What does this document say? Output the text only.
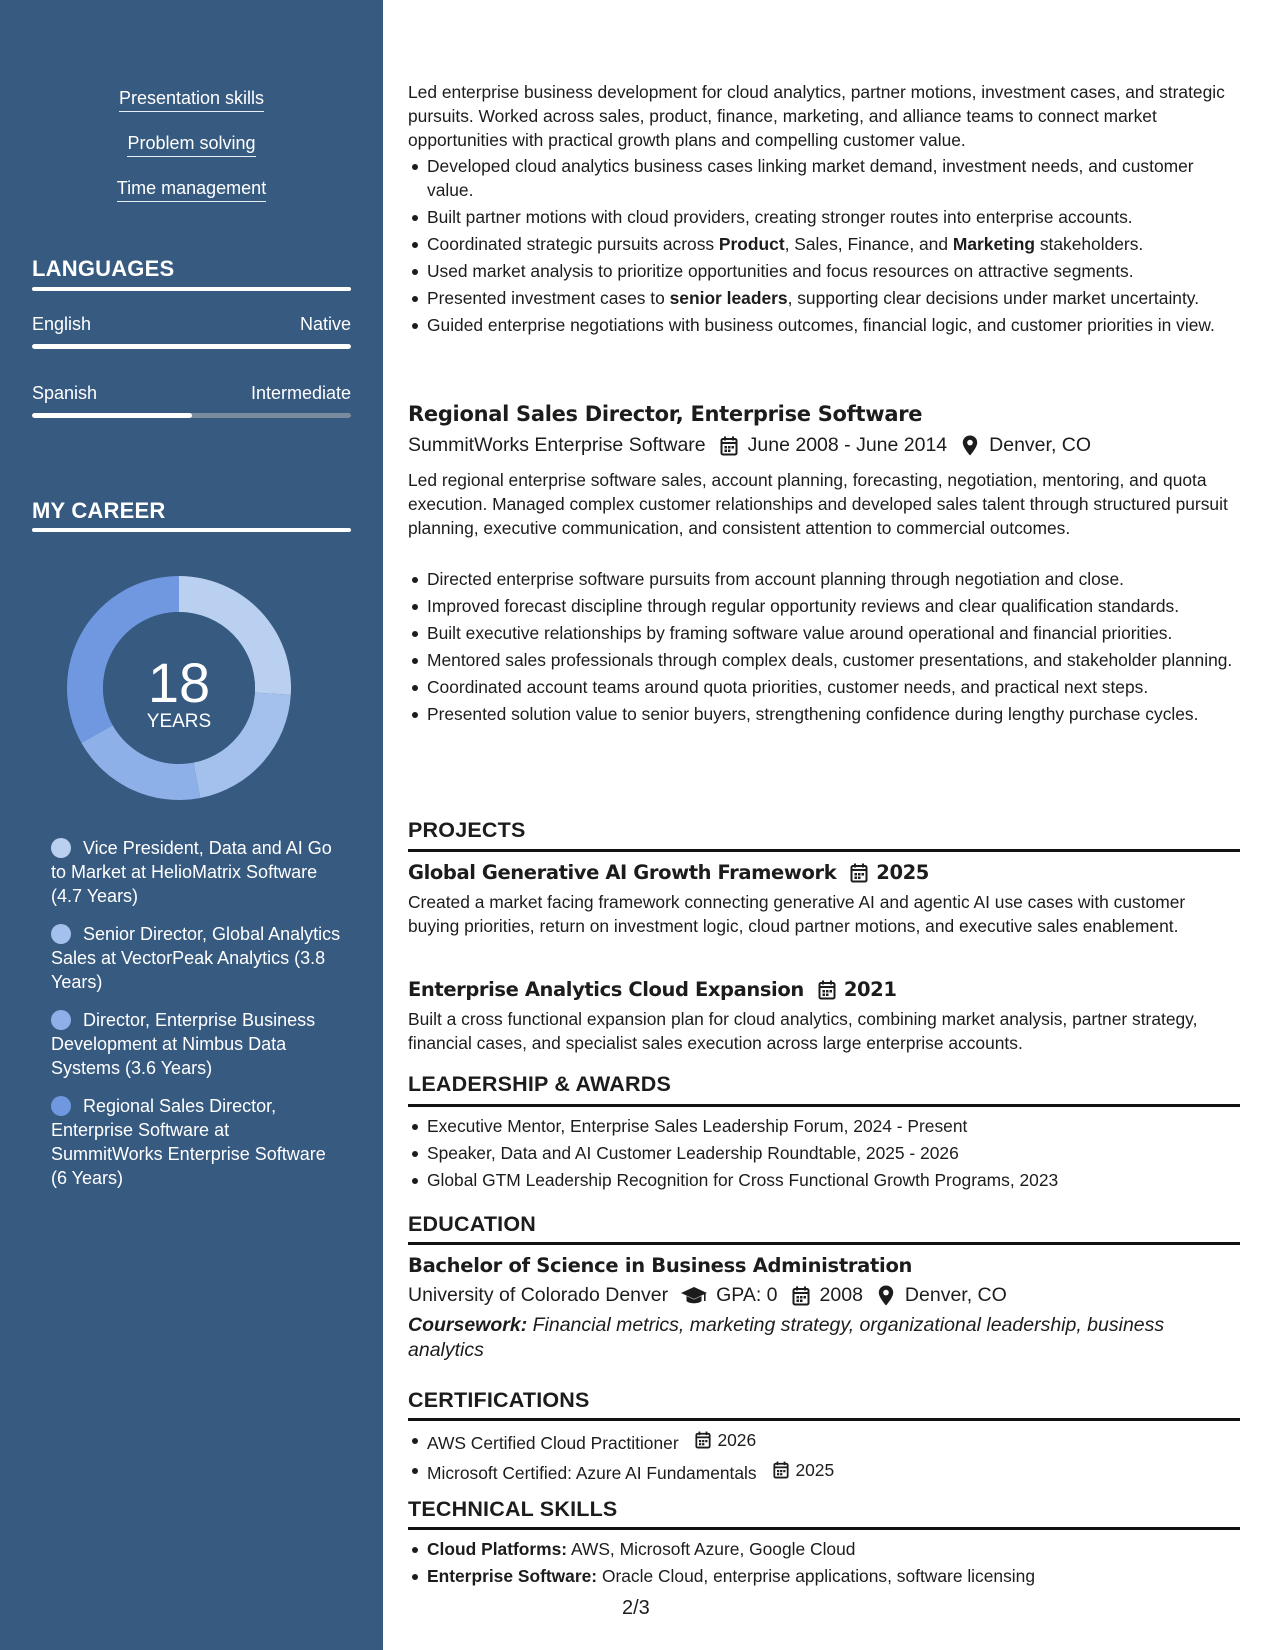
Presentation skills
Problem solving
Time management
LANGUAGES
English	Native
Spanish	Intermediate
MY CAREER
18
YEARS
Vice President, Data and AI Go to Market at HelioMatrix Software (4.7 Years)
Senior Director, Global Analytics Sales at VectorPeak Analytics (3.8 Years)
Director, Enterprise Business Development at Nimbus Data Systems (3.6 Years)
Regional Sales Director, Enterprise Software at SummitWorks Enterprise Software (6 Years)
Led enterprise business development for cloud analytics, partner motions, investment cases, and strategic pursuits. Worked across sales, product, finance, marketing, and alliance teams to connect market opportunities with practical growth plans and compelling customer value.
Developed cloud analytics business cases linking market demand, investment needs, and customer value.
Built partner motions with cloud providers, creating stronger routes into enterprise accounts.
Coordinated strategic pursuits across Product, Sales, Finance, and Marketing stakeholders.
Used market analysis to prioritize opportunities and focus resources on attractive segments.
Presented investment cases to senior leaders, supporting clear decisions under market uncertainty.
Guided enterprise negotiations with business outcomes, financial logic, and customer priorities in view.
Regional Sales Director, Enterprise Software
SummitWorks Enterprise Software June 2008 - June 2014 Denver, CO
Led regional enterprise software sales, account planning, forecasting, negotiation, mentoring, and quota execution. Managed complex customer relationships and developed sales talent through structured pursuit planning, executive communication, and consistent attention to commercial outcomes.
Directed enterprise software pursuits from account planning through negotiation and close.
Improved forecast discipline through regular opportunity reviews and clear qualification standards.
Built executive relationships by framing software value around operational and financial priorities.
Mentored sales professionals through complex deals, customer presentations, and stakeholder planning.
Coordinated account teams around quota priorities, customer needs, and practical next steps.
Presented solution value to senior buyers, strengthening confidence during lengthy purchase cycles.
PROJECTS
Global Generative AI Growth Framework 2025
Created a market facing framework connecting generative AI and agentic AI use cases with customer buying priorities, return on investment logic, cloud partner motions, and executive sales enablement.
Enterprise Analytics Cloud Expansion 2021
Built a cross functional expansion plan for cloud analytics, combining market analysis, partner strategy, financial cases, and specialist sales execution across large enterprise accounts.
LEADERSHIP & AWARDS
Executive Mentor, Enterprise Sales Leadership Forum, 2024 - Present
Speaker, Data and AI Customer Leadership Roundtable, 2025 - 2026
Global GTM Leadership Recognition for Cross Functional Growth Programs, 2023
EDUCATION
Bachelor of Science in Business Administration
University of Colorado Denver GPA: 0 2008 Denver, CO
Coursework: Financial metrics, marketing strategy, organizational leadership, business analytics
CERTIFICATIONS
AWS Certified Cloud Practitioner 2026
Microsoft Certified: Azure AI Fundamentals 2025
TECHNICAL SKILLS
Cloud Platforms: AWS, Microsoft Azure, Google Cloud
Enterprise Software: Oracle Cloud, enterprise applications, software licensing
2/3
